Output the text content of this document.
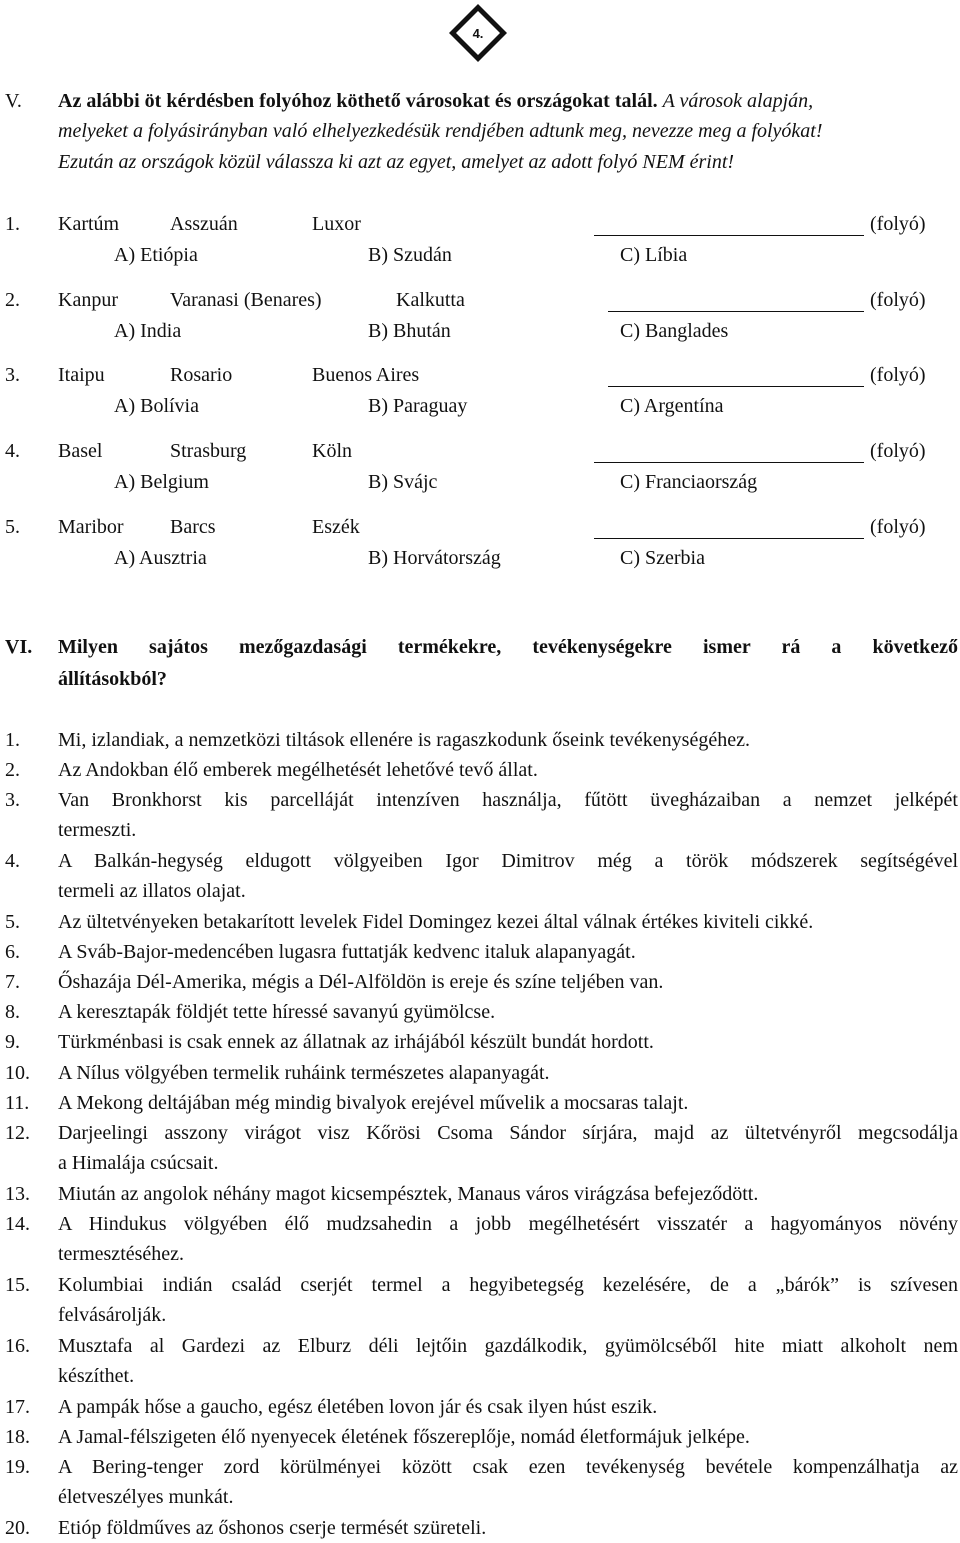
4.
V. Az alábbi öt kérdésben folyóhoz köthető városokat és országokat talál. A városok alapján,
melyeket a folyásirányban való elhelyezkedésük rendjében adtunk meg, nevezze meg a folyókat!
Ezután az országok közül válassza ki azt az egyet, amelyet az adott folyó NEM érint!
1. Kartúm	Asszuán	Luxor	(folyó)
A) Etiópia	B) Szudán	C) Líbia
2. Kanpur	Varanasi (Benares)	Kalkutta	(folyó)
A) India	B) Bhután	C) Banglades
3. Itaipu	Rosario	Buenos Aires	(folyó)
A) Bolívia	B) Paraguay	C) Argentína
4. Basel	Strasburg	Köln	(folyó)
A) Belgium	B) Svájc	C) Franciaország
5. Maribor Barcs	Eszék	(folyó)
A) Ausztria	B) Horvátország	C) Szerbia
VI. Milyen sajátos mezőgazdasági termékekre, tevékenységekre ismer rá a következő
állításokból?
1. Mi, izlandiak, a nemzetközi tiltások ellenére is ragaszkodunk őseink tevékenységéhez.
2. Az Andokban élő emberek megélhetését lehetővé tevő állat.
3. Van Bronkhorst kis parcelláját intenzíven használja, fűtött üvegházaiban a nemzet jelképét
termeszti.
4. A Balkán-hegység eldugott völgyeiben Igor Dimitrov még a török módszerek segítségével
termeli az illatos olajat.
5. Az ültetvényeken betakarított levelek Fidel Domingez kezei által válnak értékes kiviteli cikké.
6. A Sváb-Bajor-medencében lugasra futtatják kedvenc italuk alapanyagát.
7. Őshazája Dél-Amerika, mégis a Dél-Alföldön is ereje és színe teljében van.
8. A keresztapák földjét tette híressé savanyú gyümölcse.
9. Türkménbasi is csak ennek az állatnak az irhájából készült bundát hordott.
10. A Nílus völgyében termelik ruháink természetes alapanyagát.
11. A Mekong deltájában még mindig bivalyok erejével művelik a mocsaras talajt.
12. Darjeelingi asszony virágot visz Kőrösi Csoma Sándor sírjára, majd az ültetvényről megcsodálja
a Himalája csúcsait.
13. Miután az angolok néhány magot kicsempésztek, Manaus város virágzása befejeződött.
14. A Hindukus völgyében élő mudzsahedin a jobb megélhetésért visszatér a hagyományos növény
termesztéséhez.
15. Kolumbiai indián család cserjét termel a hegyibetegség kezelésére, de a „bárók” is szívesen
felvásárolják.
16. Musztafa al Gardezi az Elburz déli lejtőin gazdálkodik, gyümölcséből hite miatt alkoholt nem
készíthet.
17. A pampák hőse a gaucho, egész életében lovon jár és csak ilyen húst eszik.
18. A Jamal-félszigeten élő nyenyecek életének főszereplője, nomád életformájuk jelképe.
19. A Bering-tenger zord körülményei között csak ezen tevékenység bevétele kompenzálhatja az
életveszélyes munkát.
20. Etióp földműves az őshonos cserje termését szüreteli.
